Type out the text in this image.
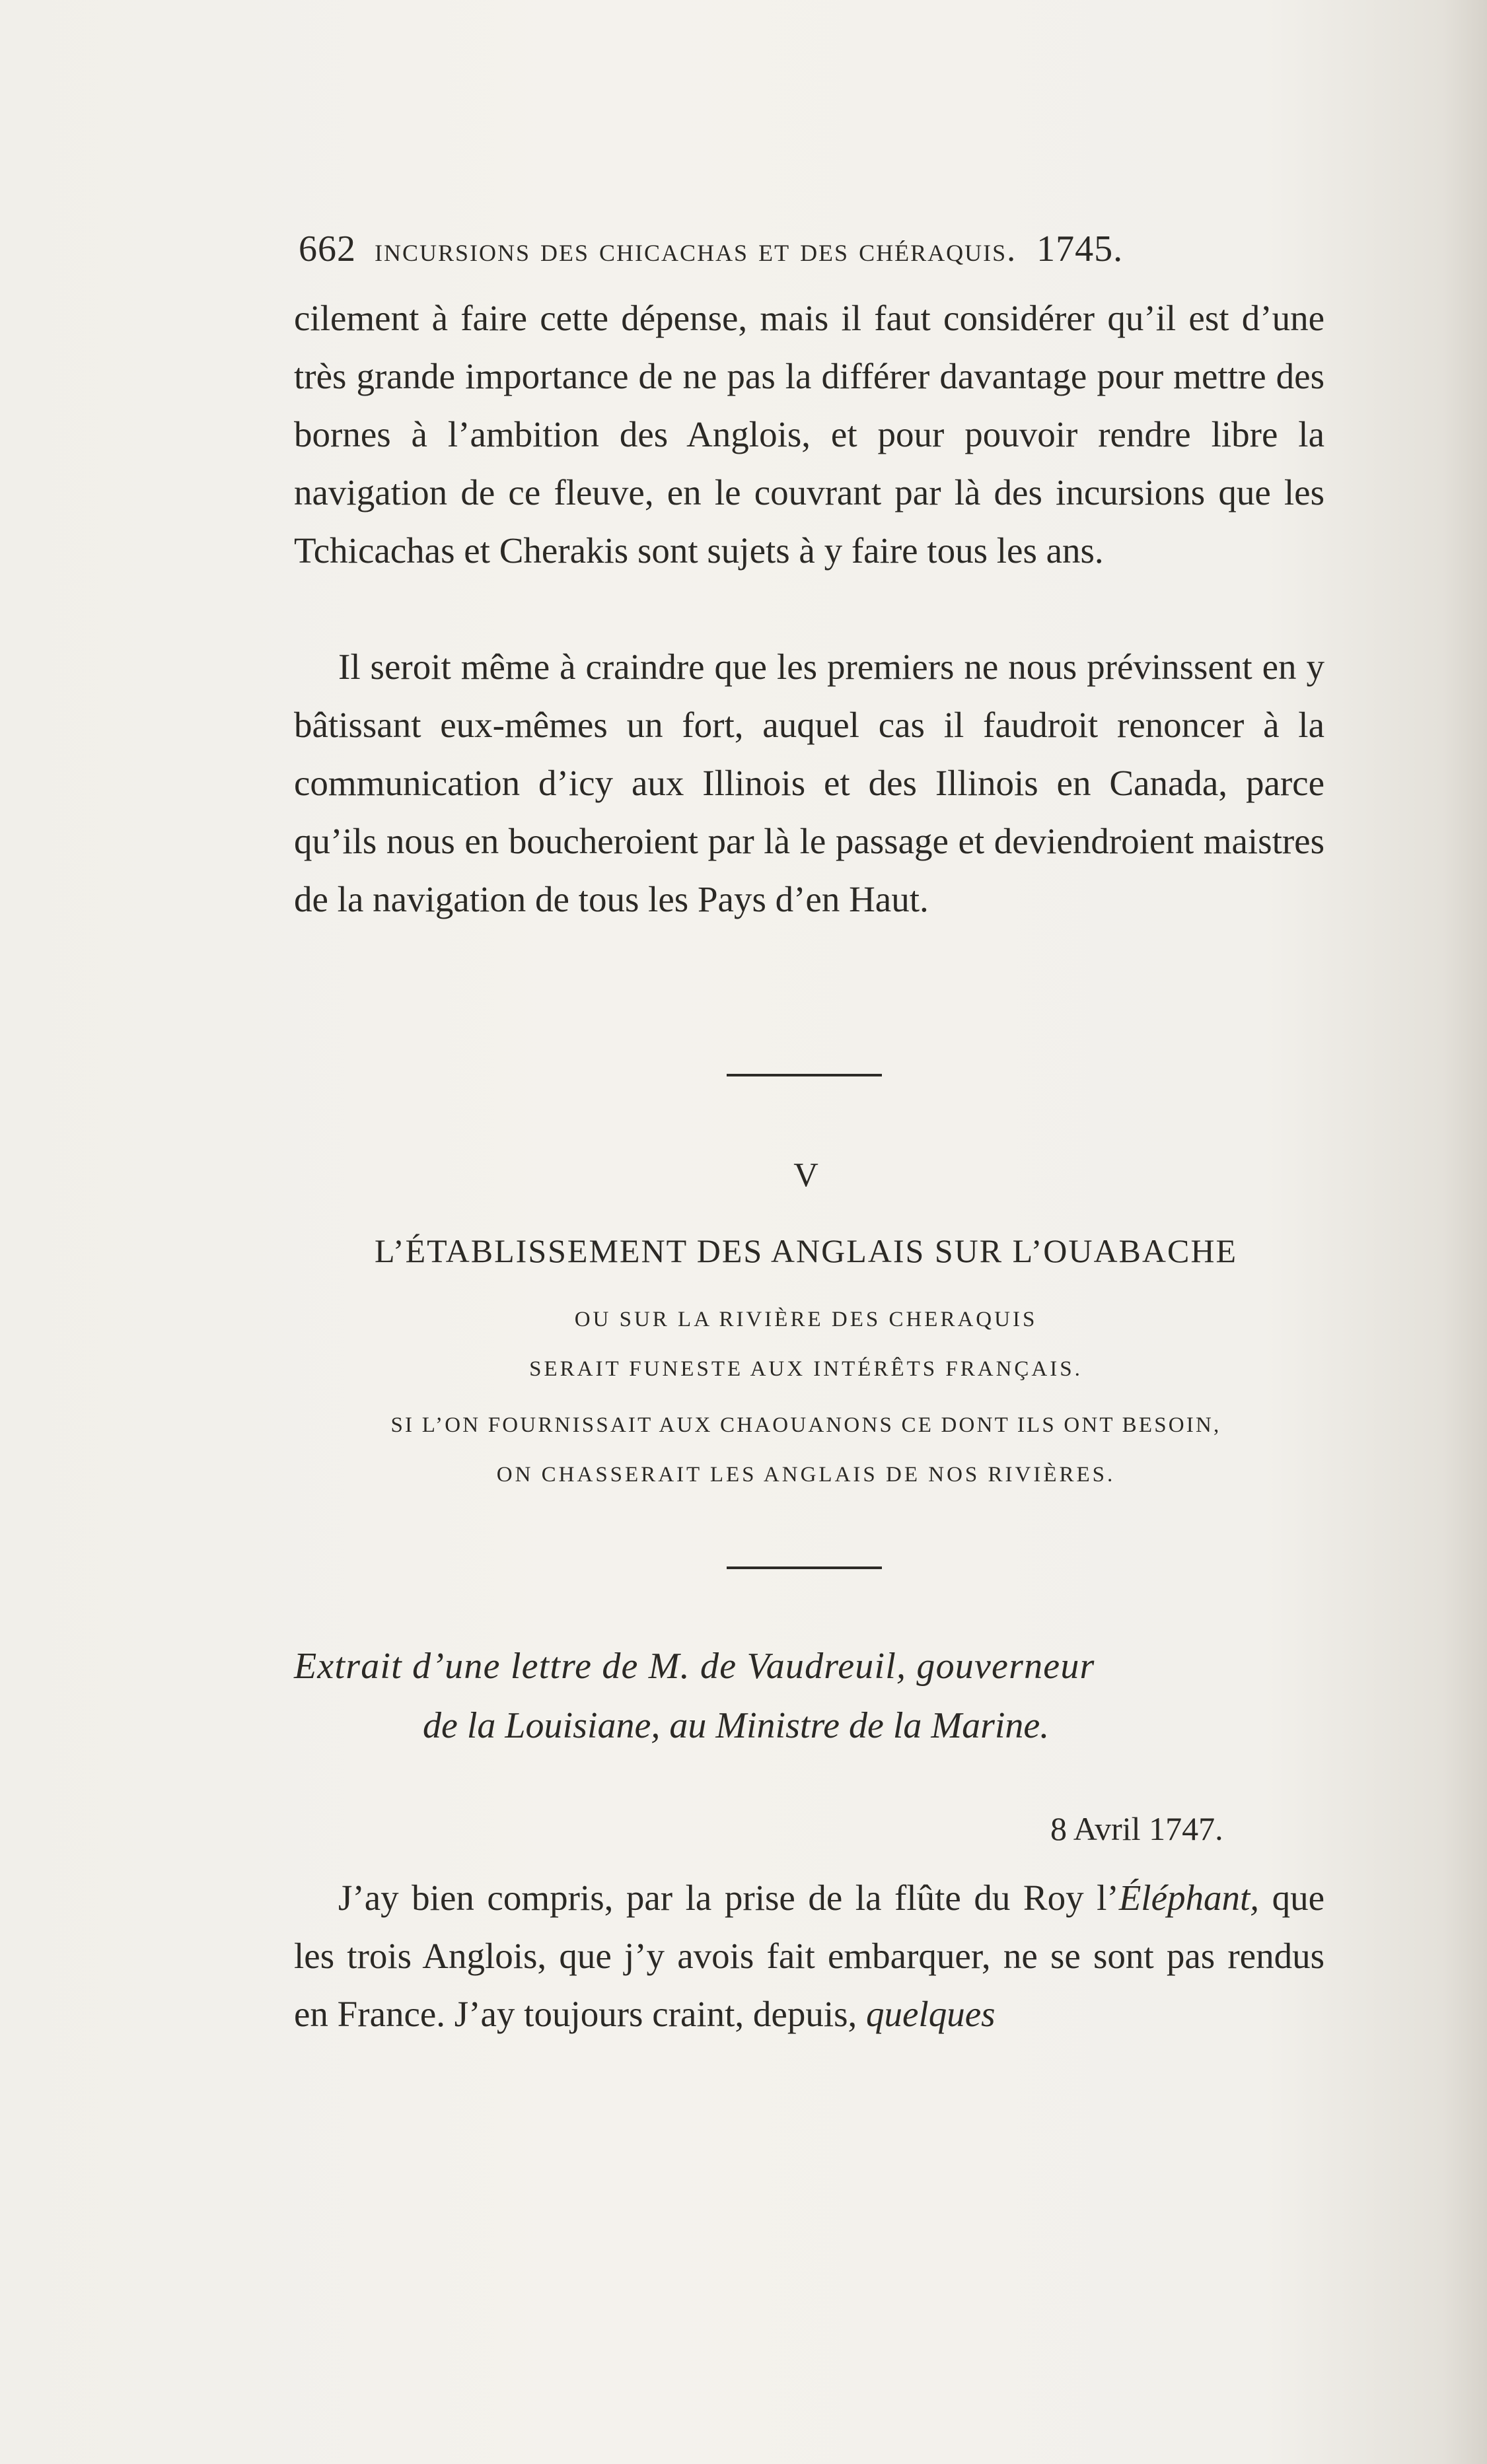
662 incursions des chicachas et des chéraquis. 1745.

cilement à faire cette dépense, mais il faut considérer qu’il est d’une très grande importance de ne pas la différer davantage pour mettre des bornes à l’ambition des Anglois, et pour pouvoir rendre libre la navigation de ce fleuve, en le couvrant par là des incursions que les Tchicachas et Cherakis sont sujets à y faire tous les ans.

Il seroit même à craindre que les premiers ne nous prévinssent en y bâtissant eux-mêmes un fort, auquel cas il faudroit renoncer à la communication d’icy aux Illinois et des Illinois en Canada, parce qu’ils nous en boucheroient par là le passage et deviendroient maistres de la navigation de tous les Pays d’en Haut.

V
L’ÉTABLISSEMENT DES ANGLAIS SUR L’OUABACHE
OU SUR LA RIVIÈRE DES CHERAQUIS
SERAIT FUNESTE AUX INTÉRÊTS FRANÇAIS.
SI L’ON FOURNISSAIT AUX CHAOUANONS CE DONT ILS ONT BESOIN,
ON CHASSERAIT LES ANGLAIS DE NOS RIVIÈRES.
Extrait d’une lettre de M. de Vaudreuil, gouverneur
de la Louisiane, au Ministre de la Marine.
8 Avril 1747.

J’ay bien compris, par la prise de la flûte du Roy l’Éléphant, que les trois Anglois, que j’y avois fait embarquer, ne se sont pas rendus en France. J’ay toujours craint, depuis, quelques
